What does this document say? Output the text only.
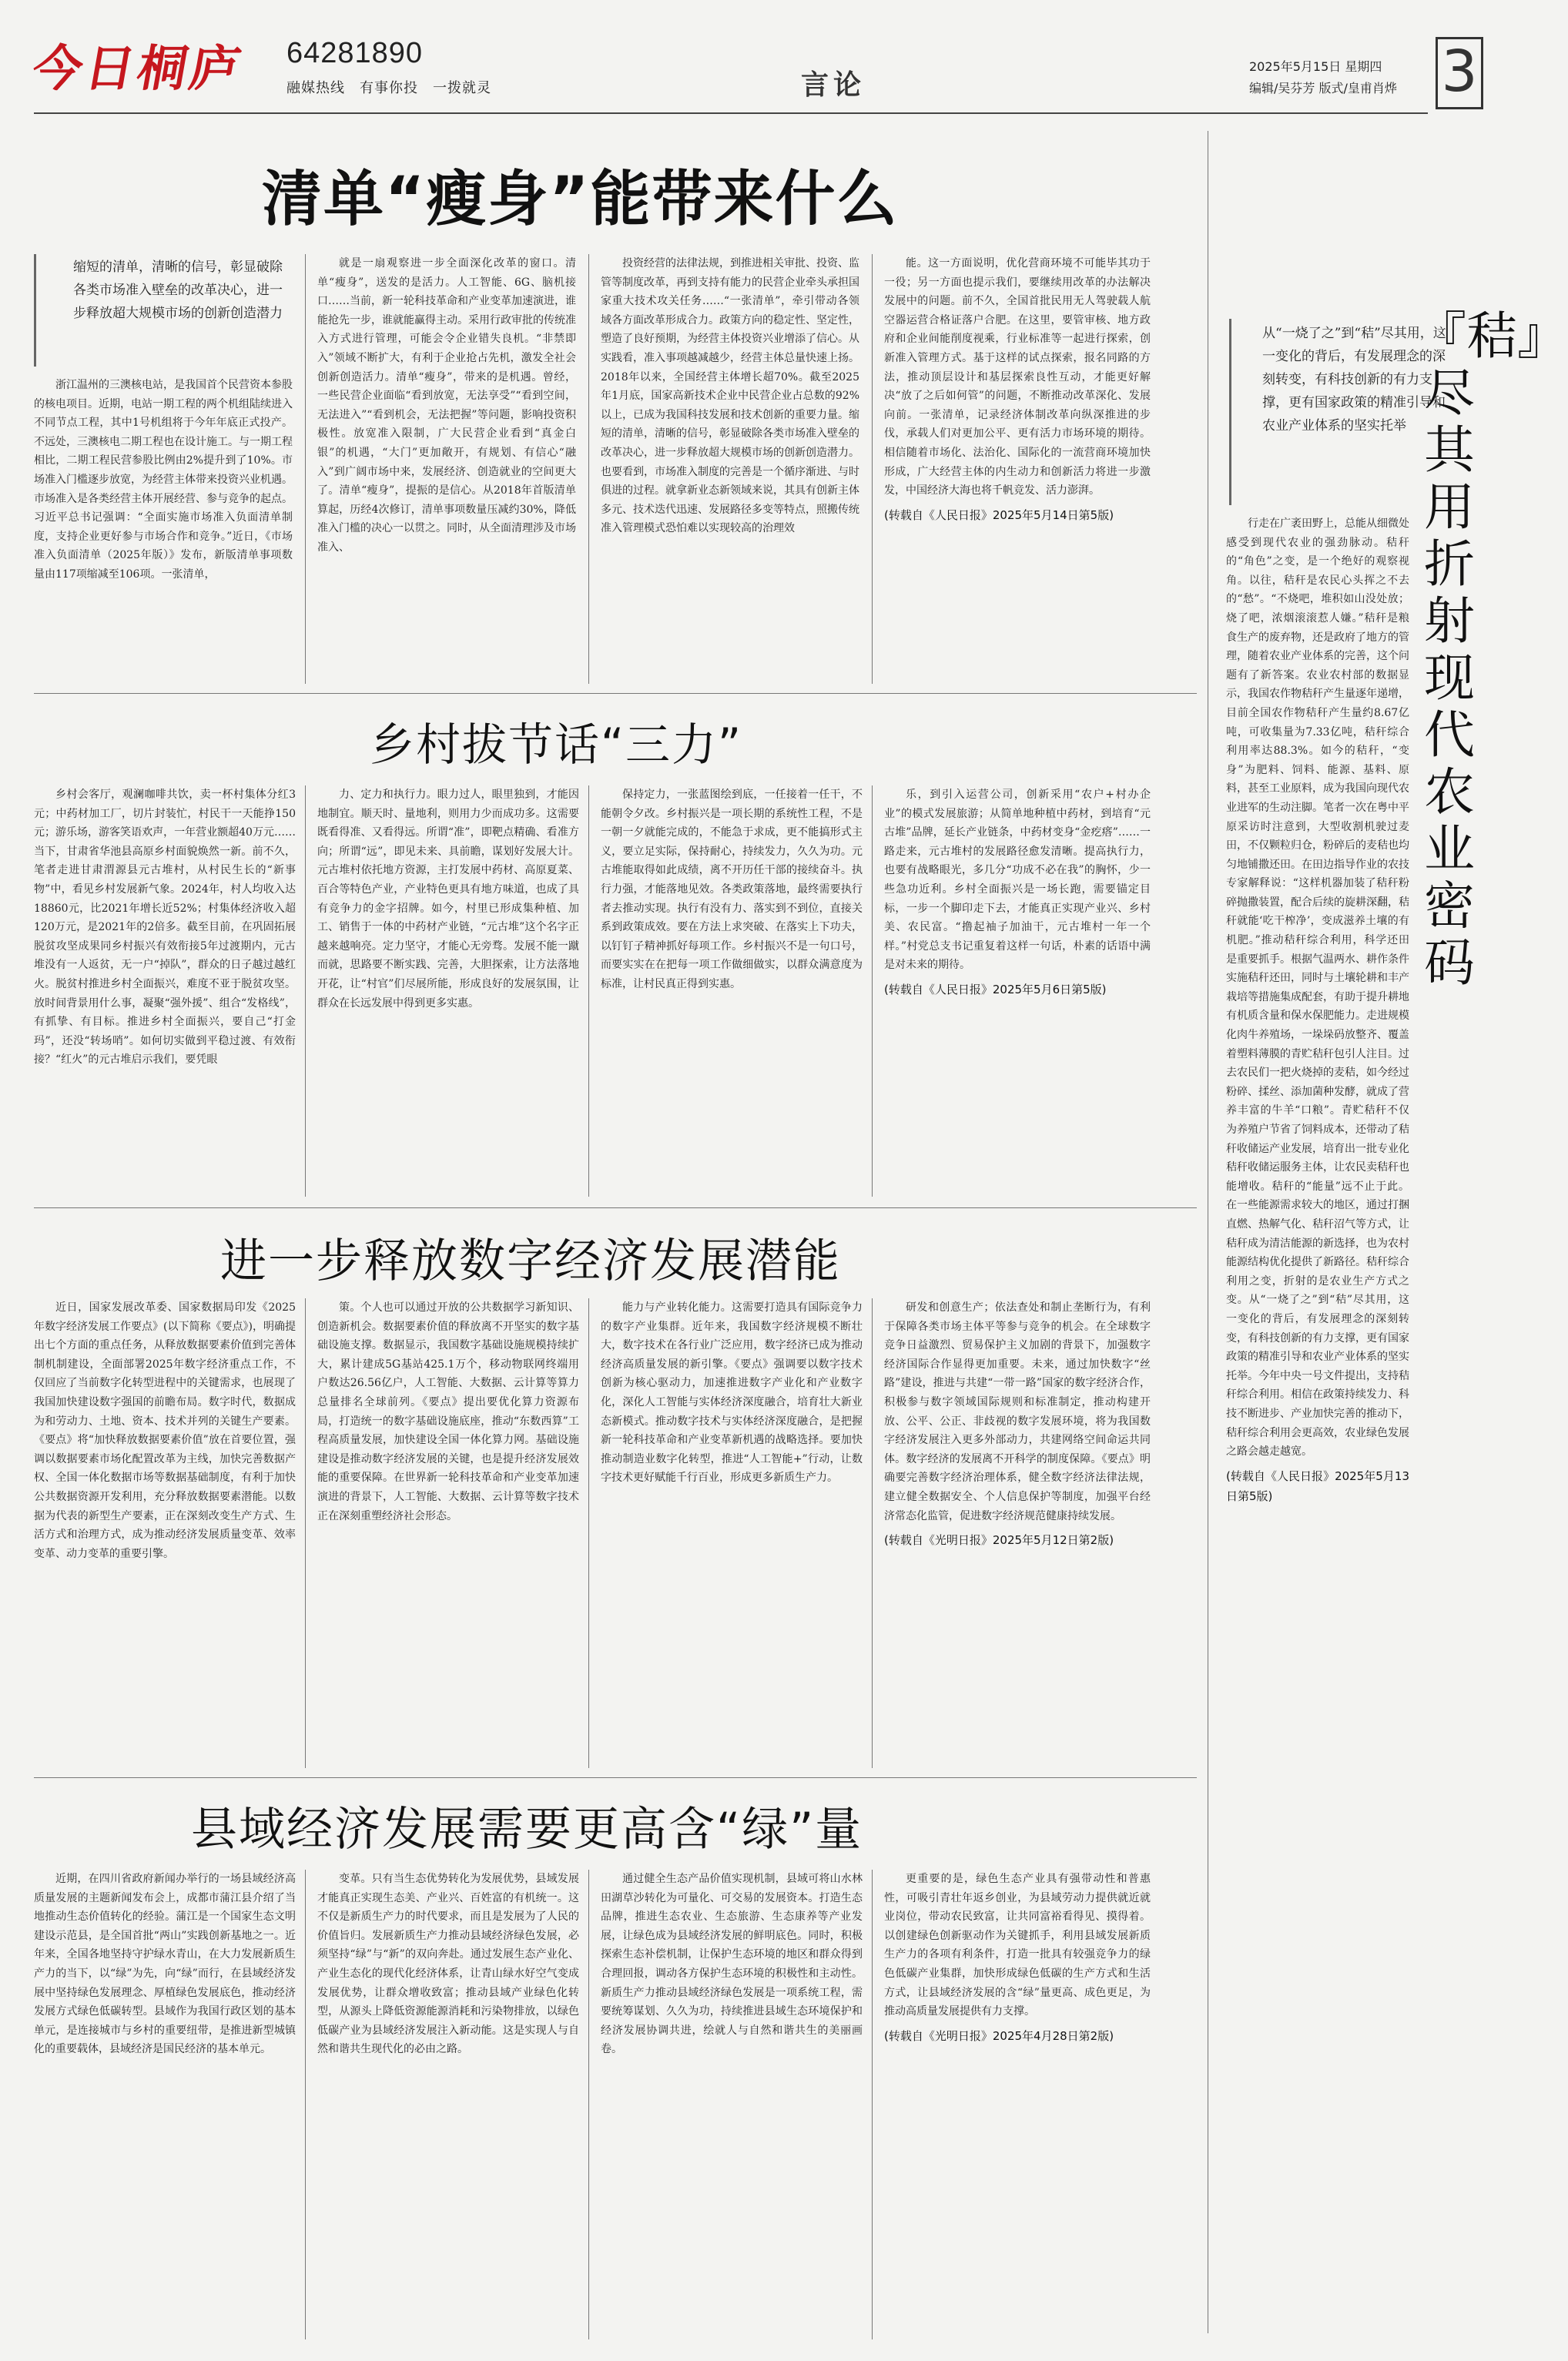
今日桐庐 64281890
融媒热线　有事你投　一拨就灵	言论
2025年5月15日 星期四
编辑/吴芬芳 版式/皇甫肖烨 3
清单“瘦身”能带来什么
缩短的清单，清晰的信号，彰显破除各类市场准入壁垒的改革决心，进一步释放超大规模市场的创新创造潜力

浙江温州的三澳核电站，是我国首个民营资本参股的核电项目。近期，电站一期工程的两个机组陆续进入不同节点工程，其中1号机组将于今年年底正式投产。不远处，三澳核电二期工程也在设计施工。与一期工程相比，二期工程民营参股比例由2%提升到了10%。市场准入门槛逐步放宽，为经营主体带来投资兴业机遇。市场准入是各类经营主体开展经营、参与竞争的起点。习近平总书记强调：“全面实施市场准入负面清单制度，支持企业更好参与市场合作和竞争。”近日，《市场准入负面清单（2025年版）》发布，新版清单事项数量由117项缩减至106项。一张清单，

就是一扇观察进一步全面深化改革的窗口。清单“瘦身”，送发的是活力。人工智能、6G、脑机接口……当前，新一轮科技革命和产业变革加速演进，谁能抢先一步，谁就能赢得主动。采用行政审批的传统准入方式进行管理，可能会令企业错失良机。“非禁即入”领域不断扩大，有利于企业抢占先机，激发全社会创新创造活力。清单“瘦身”，带来的是机遇。曾经，一些民营企业面临“看到放宽，无法享受”“看到空间，无法进入”“看到机会，无法把握”等问题，影响投资积极性。放宽准入限制，广大民营企业看到“真金白银”的机遇，“大门”更加敞开，有规划、有信心“融入”到广阔市场中来，发展经济、创造就业的空间更大了。清单“瘦身”，提振的是信心。从2018年首版清单算起，历经4次修订，清单事项数量压减约30%，降低准入门槛的决心一以贯之。同时，从全面清理涉及市场准入、

投资经营的法律法规，到推进相关审批、投资、监管等制度改革，再到支持有能力的民营企业牵头承担国家重大技术攻关任务……“一张清单”，牵引带动各领域各方面改革形成合力。政策方向的稳定性、坚定性，塑造了良好预期，为经营主体投资兴业增添了信心。从实践看，准入事项越减越少，经营主体总量快速上扬。2018年以来，全国经营主体增长超70%。截至2025年1月底，国家高新技术企业中民营企业占总数的92%以上，已成为我国科技发展和技术创新的重要力量。缩短的清单，清晰的信号，彰显破除各类市场准入壁垒的改革决心，进一步释放超大规模市场的创新创造潜力。也要看到，市场准入制度的完善是一个循序渐进、与时俱进的过程。就拿新业态新领域来说，其具有创新主体多元、技术迭代迅速、发展路径多变等特点，照搬传统准入管理模式恐怕难以实现较高的治理效

能。这一方面说明，优化营商环境不可能毕其功于一役；另一方面也提示我们，要继续用改革的办法解决发展中的问题。前不久，全国首批民用无人驾驶载人航空器运营合格证落户合肥。在这里，要管审核、地方政府和企业间能削度视乘，行业标准等一起进行探索，创新准入管理方式。基于这样的试点探索，报名同路的方法，推动顶层设计和基层探索良性互动，才能更好解决“放了之后如何管”的问题，不断推动改革深化、发展向前。一张清单，记录经济体制改革向纵深推进的步伐，承载人们对更加公平、更有活力市场环境的期待。相信随着市场化、法治化、国际化的一流营商环境加快形成，广大经营主体的内生动力和创新活力将进一步激发，中国经济大海也将千帆竞发、活力澎湃。

(转载自《人民日报》2025年5月14日第5版)
乡村拔节话“三力”

乡村会客厅，观澜咖啡共饮，卖一杯村集体分红3元；中药材加工厂，切片封装忙，村民干一天能挣150元；游乐场，游客笑语欢声，一年营业额超40万元……当下，甘肃省华池县高原乡村面貌焕然一新。前不久，笔者走进甘肃渭源县元古堆村，从村民生长的“新事物”中，看见乡村发展新气象。2024年，村人均收入达18860元，比2021年增长近52%；村集体经济收入超120万元，是2021年的2倍多。截至目前，在巩固拓展脱贫攻坚成果同乡村振兴有效衔接5年过渡期内，元古堆没有一人返贫，无一户“掉队”，群众的日子越过越红火。脱贫村推进乡村全面振兴，难度不亚于脱贫攻坚。放时间背景用什么事，凝聚“强外援”、组合“发格线”，有抓挚、有目标。推进乡村全面振兴，要自己“打金玛”，还没“转场哨”。如何切实做到平稳过渡、有效衔接？“红火”的元古堆启示我们，要凭眼

力、定力和执行力。眼力过人，眼里独到，才能因地制宜。顺天时、量地利，则用力少而成功多。这需要既看得准、又看得远。所谓“准”，即靶点精确、看准方向；所谓“远”，即见未来、具前瞻，谋划好发展大计。元古堆村依托地方资源，主打发展中药材、高原夏菜、百合等特色产业，产业特色更具有地方味道，也成了具有竞争力的金字招牌。如今，村里已形成集种植、加工、销售于一体的中药材产业链，“元古堆”这个名字正越来越响亮。定力坚守，才能心无旁骛。发展不能一蹴而就，思路要不断实践、完善，大胆探索，让方法落地开花，让“村官”们尽展所能，形成良好的发展氛围，让群众在长远发展中得到更多实惠。

保持定力，一张蓝图绘到底，一任接着一任干，不能朝令夕改。乡村振兴是一项长期的系统性工程，不是一朝一夕就能完成的，不能急于求成，更不能搞形式主义，要立足实际，保持耐心，持续发力，久久为功。元古堆能取得如此成绩，离不开历任干部的接续奋斗。执行力强，才能落地见效。各类政策落地，最终需要执行者去推动实现。执行有没有力、落实到不到位，直接关系到政策成效。要在方法上求突破、在落实上下功夫，以钉钉子精神抓好每项工作。乡村振兴不是一句口号，而要实实在在把每一项工作做细做实，以群众满意度为标准，让村民真正得到实惠。

乐，到引入运营公司，创新采用“农户+村办企业”的模式发展旅游；从简单地种植中药材，到培育“元古堆”品牌，延长产业链条，中药材变身“金疙瘩”……一路走来，元古堆村的发展路径愈发清晰。提高执行力，也要有战略眼光，多几分“功成不必在我”的胸怀，少一些急功近利。乡村全面振兴是一场长跑，需要锚定目标，一步一个脚印走下去，才能真正实现产业兴、乡村美、农民富。“撸起袖子加油干，元古堆村一年一个样。”村党总支书记重复着这样一句话，朴素的话语中满是对未来的期待。

(转载自《人民日报》2025年5月6日第5版)
进一步释放数字经济发展潜能

近日，国家发展改革委、国家数据局印发《2025年数字经济发展工作要点》(以下简称《要点》)，明确提出七个方面的重点任务，从释放数据要素价值到完善体制机制建设，全面部署2025年数字经济重点工作，不仅回应了当前数字化转型进程中的关键需求，也展现了我国加快建设数字强国的前瞻布局。数字时代，数据成为和劳动力、土地、资本、技术并列的关键生产要素。《要点》将“加快释放数据要素价值”放在首要位置，强调以数据要素市场化配置改革为主线，加快完善数据产权、全国一体化数据市场等数据基础制度，有利于加快公共数据资源开发利用，充分释放数据要素潜能。以数据为代表的新型生产要素，正在深刻改变生产方式、生活方式和治理方式，成为推动经济发展质量变革、效率变革、动力变革的重要引擎。

策。个人也可以通过开放的公共数据学习新知识、创造新机会。数据要素价值的释放离不开坚实的数字基础设施支撑。数据显示，我国数字基础设施规模持续扩大，累计建成5G基站425.1万个，移动物联网终端用户数达26.56亿户，人工智能、大数据、云计算等算力总量排名全球前列。《要点》提出要优化算力资源布局，打造统一的数字基础设施底座，推动“东数西算”工程高质量发展，加快建设全国一体化算力网。基础设施建设是推动数字经济发展的关键，也是提升经济发展效能的重要保障。在世界新一轮科技革命和产业变革加速演进的背景下，人工智能、大数据、云计算等数字技术正在深刻重塑经济社会形态。

能力与产业转化能力。这需要打造具有国际竞争力的数字产业集群。近年来，我国数字经济规模不断壮大，数字技术在各行业广泛应用，数字经济已成为推动经济高质量发展的新引擎。《要点》强调要以数字技术创新为核心驱动力，加速推进数字产业化和产业数字化，深化人工智能与实体经济深度融合，培育壮大新业态新模式。推动数字技术与实体经济深度融合，是把握新一轮科技革命和产业变革新机遇的战略选择。要加快推动制造业数字化转型，推进“人工智能+”行动，让数字技术更好赋能千行百业，形成更多新质生产力。

研发和创意生产；依法查处和制止垄断行为，有利于保障各类市场主体平等参与竞争的机会。在全球数字竞争日益激烈、贸易保护主义加剧的背景下，加强数字经济国际合作显得更加重要。未来，通过加快数字“丝路”建设，推进与共建“一带一路”国家的数字经济合作，积极参与数字领域国际规则和标准制定，推动构建开放、公平、公正、非歧视的数字发展环境，将为我国数字经济发展注入更多外部动力，共建网络空间命运共同体。数字经济的发展离不开科学的制度保障。《要点》明确要完善数字经济治理体系，健全数字经济法律法规，建立健全数据安全、个人信息保护等制度，加强平台经济常态化监管，促进数字经济规范健康持续发展。

(转载自《光明日报》2025年5月12日第2版)
县域经济发展需要更高含“绿”量

近期，在四川省政府新闻办举行的一场县域经济高质量发展的主题新闻发布会上，成都市蒲江县介绍了当地推动生态价值转化的经验。蒲江是一个国家生态文明建设示范县，是全国首批“两山”实践创新基地之一。近年来，全国各地坚持守护绿水青山，在大力发展新质生产力的当下，以“绿”为先，向“绿”而行，在县域经济发展中坚持绿色发展理念、厚植绿色发展底色，推动经济发展方式绿色低碳转型。县域作为我国行政区划的基本单元，是连接城市与乡村的重要纽带，是推进新型城镇化的重要载体，县域经济是国民经济的基本单元。

变革。只有当生态优势转化为发展优势，县域发展才能真正实现生态美、产业兴、百姓富的有机统一。这不仅是新质生产力的时代要求，而且是发展为了人民的价值旨归。发展新质生产力推动县域经济绿色发展，必须坚持“绿”与“新”的双向奔赴。通过发展生态产业化、产业生态化的现代化经济体系，让青山绿水好空气变成发展优势，让群众增收致富；推动县域产业绿色化转型，从源头上降低资源能源消耗和污染物排放，以绿色低碳产业为县域经济发展注入新动能。这是实现人与自然和谐共生现代化的必由之路。

通过健全生态产品价值实现机制，县域可将山水林田湖草沙转化为可量化、可交易的发展资本。打造生态品牌，推进生态农业、生态旅游、生态康养等产业发展，让绿色成为县域经济发展的鲜明底色。同时，积极探索生态补偿机制，让保护生态环境的地区和群众得到合理回报，调动各方保护生态环境的积极性和主动性。新质生产力推动县域经济绿色发展是一项系统工程，需要统筹谋划、久久为功，持续推进县域生态环境保护和经济发展协调共进，绘就人与自然和谐共生的美丽画卷。

更重要的是，绿色生态产业具有强带动性和普惠性，可吸引青壮年返乡创业，为县域劳动力提供就近就业岗位，带动农民致富，让共同富裕看得见、摸得着。以创建绿色创新驱动作为关键抓手，利用县域发展新质生产力的各项有利条件，打造一批具有较强竞争力的绿色低碳产业集群，加快形成绿色低碳的生产方式和生活方式，让县域经济发展的含“绿”量更高、成色更足，为推动高质量发展提供有力支撑。

(转载自《光明日报》2025年4月28日第2版)
从“一烧了之”到“秸”尽其用，这一变化的背后，有发展理念的深刻转变，有科技创新的有力支撑，更有国家政策的精准引导和农业产业体系的坚实托举
『秸』尽其用折射现代农业密码

行走在广袤田野上，总能从细微处感受到现代农业的强劲脉动。秸秆的“角色”之变，是一个绝好的观察视角。以往，秸秆是农民心头挥之不去的“愁”。“不烧吧，堆积如山没处放；烧了吧，浓烟滚滚惹人嫌。”秸秆是粮食生产的废弃物，还是政府了地方的管理，随着农业产业体系的完善，这个问题有了新答案。农业农村部的数据显示，我国农作物秸秆产生量逐年递增，目前全国农作物秸秆产生量约8.67亿吨，可收集量为7.33亿吨，秸秆综合利用率达88.3%。如今的秸秆，“变身”为肥料、饲料、能源、基料、原料，甚至工业原料，成为我国向现代农业进军的生动注脚。笔者一次在粤中平原采访时注意到，大型收割机驶过麦田，不仅颗粒归仓，粉碎后的麦秸也均匀地铺撒还田。在田边指导作业的农技专家解释说：“这样机器加装了秸秆粉碎抛撒装置，配合后续的旋耕深翻，秸秆就能‘吃干榨净’，变成滋养土壤的有机肥。”推动秸秆综合利用，科学还田是重要抓手。根据气温两水、耕作条件实施秸秆还田，同时与土壤轮耕和丰产栽培等措施集成配套，有助于提升耕地有机质含量和保水保肥能力。走进规模化肉牛养殖场，一垛垛码放整齐、覆盖着塑料薄膜的青贮秸秆包引人注目。过去农民们一把火烧掉的麦秸，如今经过粉碎、揉丝、添加菌种发酵，就成了营养丰富的牛羊“口粮”。青贮秸秆不仅为养殖户节省了饲料成本，还带动了秸秆收储运产业发展，培育出一批专业化秸秆收储运服务主体，让农民卖秸秆也能增收。秸秆的“能量”远不止于此。在一些能源需求较大的地区，通过打捆直燃、热解气化、秸秆沼气等方式，让秸秆成为清洁能源的新选择，也为农村能源结构优化提供了新路径。秸秆综合利用之变，折射的是农业生产方式之变。从“一烧了之”到“秸”尽其用，这一变化的背后，有发展理念的深刻转变，有科技创新的有力支撑，更有国家政策的精准引导和农业产业体系的坚实托举。今年中央一号文件提出，支持秸秆综合利用。相信在政策持续发力、科技不断进步、产业加快完善的推动下，秸秆综合利用会更高效，农业绿色发展之路会越走越宽。

(转载自《人民日报》2025年5月13日第5版)
